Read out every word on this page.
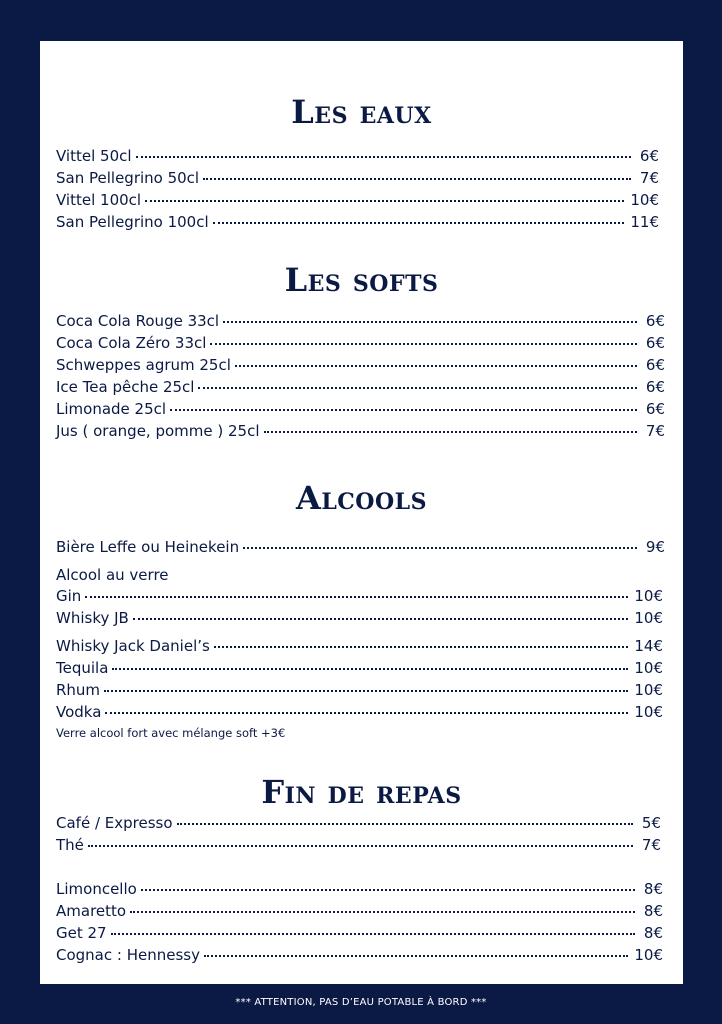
Les eaux
Vittel 50cl	6€
San Pellegrino 50cl	7€
Vittel 100cl	10€
San Pellegrino 100cl	11€
Les softs
Coca Cola Rouge 33cl	6€
Coca Cola Zéro 33cl	6€
Schweppes agrum 25cl	6€
Ice Tea pêche 25cl	6€
Limonade 25cl	6€
Jus ( orange, pomme ) 25cl	7€
Alcools
Bière Leffe ou Heinekein	9€
Alcool au verre
Gin	10€
Whisky JB	10€
Whisky Jack Daniel’s	14€
Tequila	10€
Rhum	10€
Vodka	10€
Verre alcool fort avec mélange soft +3€
Fin de repas
Café / Expresso	5€
Thé	7€
Limoncello	8€
Amaretto	8€
Get 27	8€
Cognac : Hennessy	10€
*** ATTENTION, PAS D’EAU POTABLE À BORD ***
